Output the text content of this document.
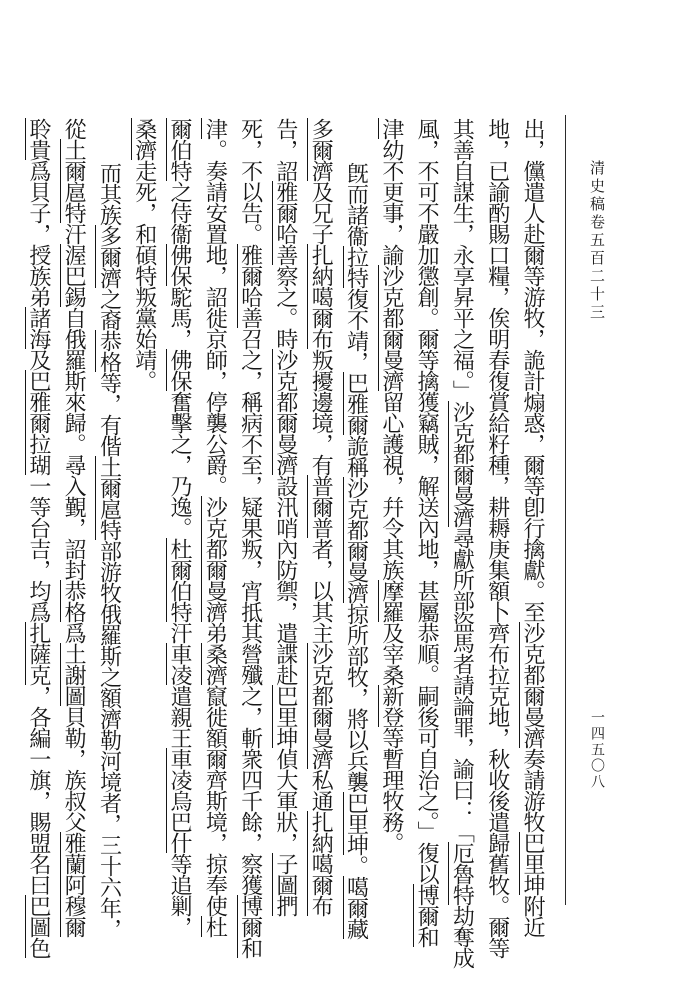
清史稿卷五百二十三
一四五〇八
出，儻遣人赴爾等游牧，詭計煽惑，爾等卽行擒獻。至沙克都爾曼濟奏請游牧巴里坤附近
地，已諭酌賜口糧，俟明春復賞給籽種，耕耨庚集額卜齊布拉克地，秋收後遣歸舊牧。爾等
其善自謀生，永享昇平之福。」沙克都爾曼濟尋獻所部盜馬者請論罪，諭曰：「厄魯特劫奪成
風，不可不嚴加懲創。爾等擒獲竊賊，解送內地，甚屬恭順。嗣後可自治之。」復以博爾和
津幼不更事，諭沙克都爾曼濟留心護視，幷令其族摩羅及宰桑新登等暫理牧務。
旣而諸衞拉特復不靖，巴雅爾詭稱沙克都爾曼濟掠所部牧，將以兵襲巴里坤。噶爾藏
多爾濟及兄子扎納噶爾布叛擾邊境，有普爾普者，以其主沙克都爾曼濟私通扎納噶爾布
告，詔雅爾哈善察之。時沙克都爾曼濟設汛哨內防禦，遣諜赴巴里坤偵大軍狀，子圖捫
死，不以告。雅爾哈善召之，稱病不至，疑果叛，宵抵其營殲之，斬衆四千餘，察獲博爾和
津。奏請安置地，詔徙京師，停襲公爵。沙克都爾曼濟弟桑濟竄徙額爾齊斯境，掠奉使杜
爾伯特之侍衞佛保駝馬，佛保奮擊之，乃逸。杜爾伯特汗車凌遣親王車凌烏巴什等追剿，
桑濟走死，和碩特叛黨始靖。
而其族多爾濟之裔恭格等，有偕土爾扈特部游牧俄羅斯之額濟勒河境者，三十六年，
從土爾扈特汗渥巴錫自俄羅斯來歸。尋入覲，詔封恭格爲土謝圖貝勒，族叔父雅蘭阿穆爾
聆貴爲貝子，授族弟諸海及巴雅爾拉瑚一等台吉，均爲扎薩克，各編一旗，賜盟名曰巴圖色
